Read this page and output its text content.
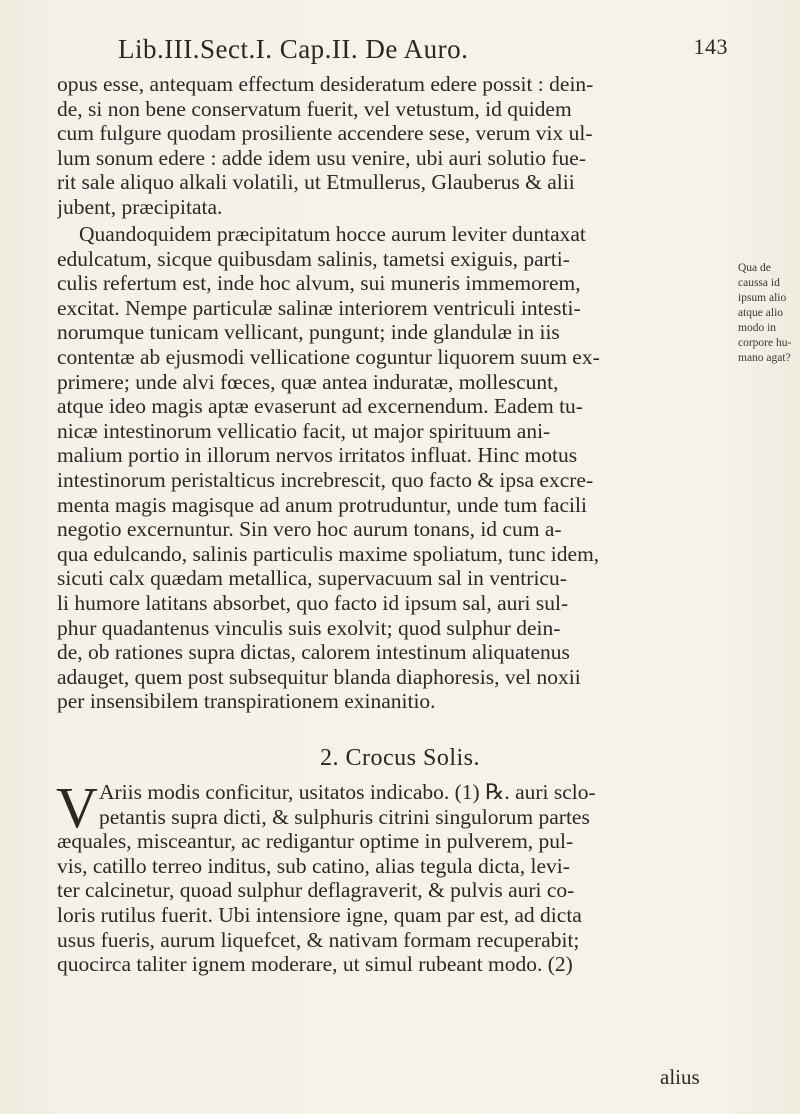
Lib.III.Sect.I. Cap.II. De Auro.	143
opus esse, antequam effectum desideratum edere possit : dein-
de, si non bene conservatum fuerit, vel vetustum, id quidem
cum fulgure quodam prosiliente accendere sese, verum vix ul-
lum sonum edere : adde idem usu venire, ubi auri solutio fue-
rit sale aliquo alkali volatili, ut Etmullerus, Glauberus & alii
jubent, præcipitata.
Quandoquidem præcipitatum hocce aurum leviter duntaxat
edulcatum, sicque quibusdam salinis, tametsi exiguis, parti-
culis refertum est, inde hoc alvum, sui muneris immemorem,
excitat. Nempe particulæ salinæ interiorem ventriculi intesti-
norumque tunicam vellicant, pungunt; inde glandulæ in iis
contentæ ab ejusmodi vellicatione coguntur liquorem suum ex-
primere; unde alvi fœces, quæ antea induratæ, mollescunt,
atque ideo magis aptæ evaserunt ad excernendum. Eadem tu-
nicæ intestinorum vellicatio facit, ut major spirituum ani-
malium portio in illorum nervos irritatos influat. Hinc motus
intestinorum peristalticus increbrescit, quo facto & ipsa excre-
menta magis magisque ad anum protruduntur, unde tum facili
negotio excernuntur. Sin vero hoc aurum tonans, id cum a-
qua edulcando, salinis particulis maxime spoliatum, tunc idem,
sicuti calx quædam metallica, supervacuum sal in ventricu-
li humore latitans absorbet, quo facto id ipsum sal, auri sul-
phur quadantenus vinculis suis exolvit; quod sulphur dein-
de, ob rationes supra dictas, calorem intestinum aliquatenus
adauget, quem post subsequitur blanda diaphoresis, vel noxii
per insensibilem transpirationem exinanitio.
Qua de
caussa id
ipsum alio
atque alio
modo in
corpore hu-
mano agat?
2. Crocus Solis.
V Ariis modis conficitur, usitatos indicabo. (1) ℞. auri sclo-
petantis supra dicti, & sulphuris citrini singulorum partes
æquales, misceantur, ac redigantur optime in pulverem, pul-
vis, catillo terreo inditus, sub catino, alias tegula dicta, levi-
ter calcinetur, quoad sulphur deflagraverit, & pulvis auri co-
loris rutilus fuerit. Ubi intensiore igne, quam par est, ad dicta
usus fueris, aurum liquefcet, & nativam formam recuperabit;
quocirca taliter ignem moderare, ut simul rubeant modo. (2)
alius
